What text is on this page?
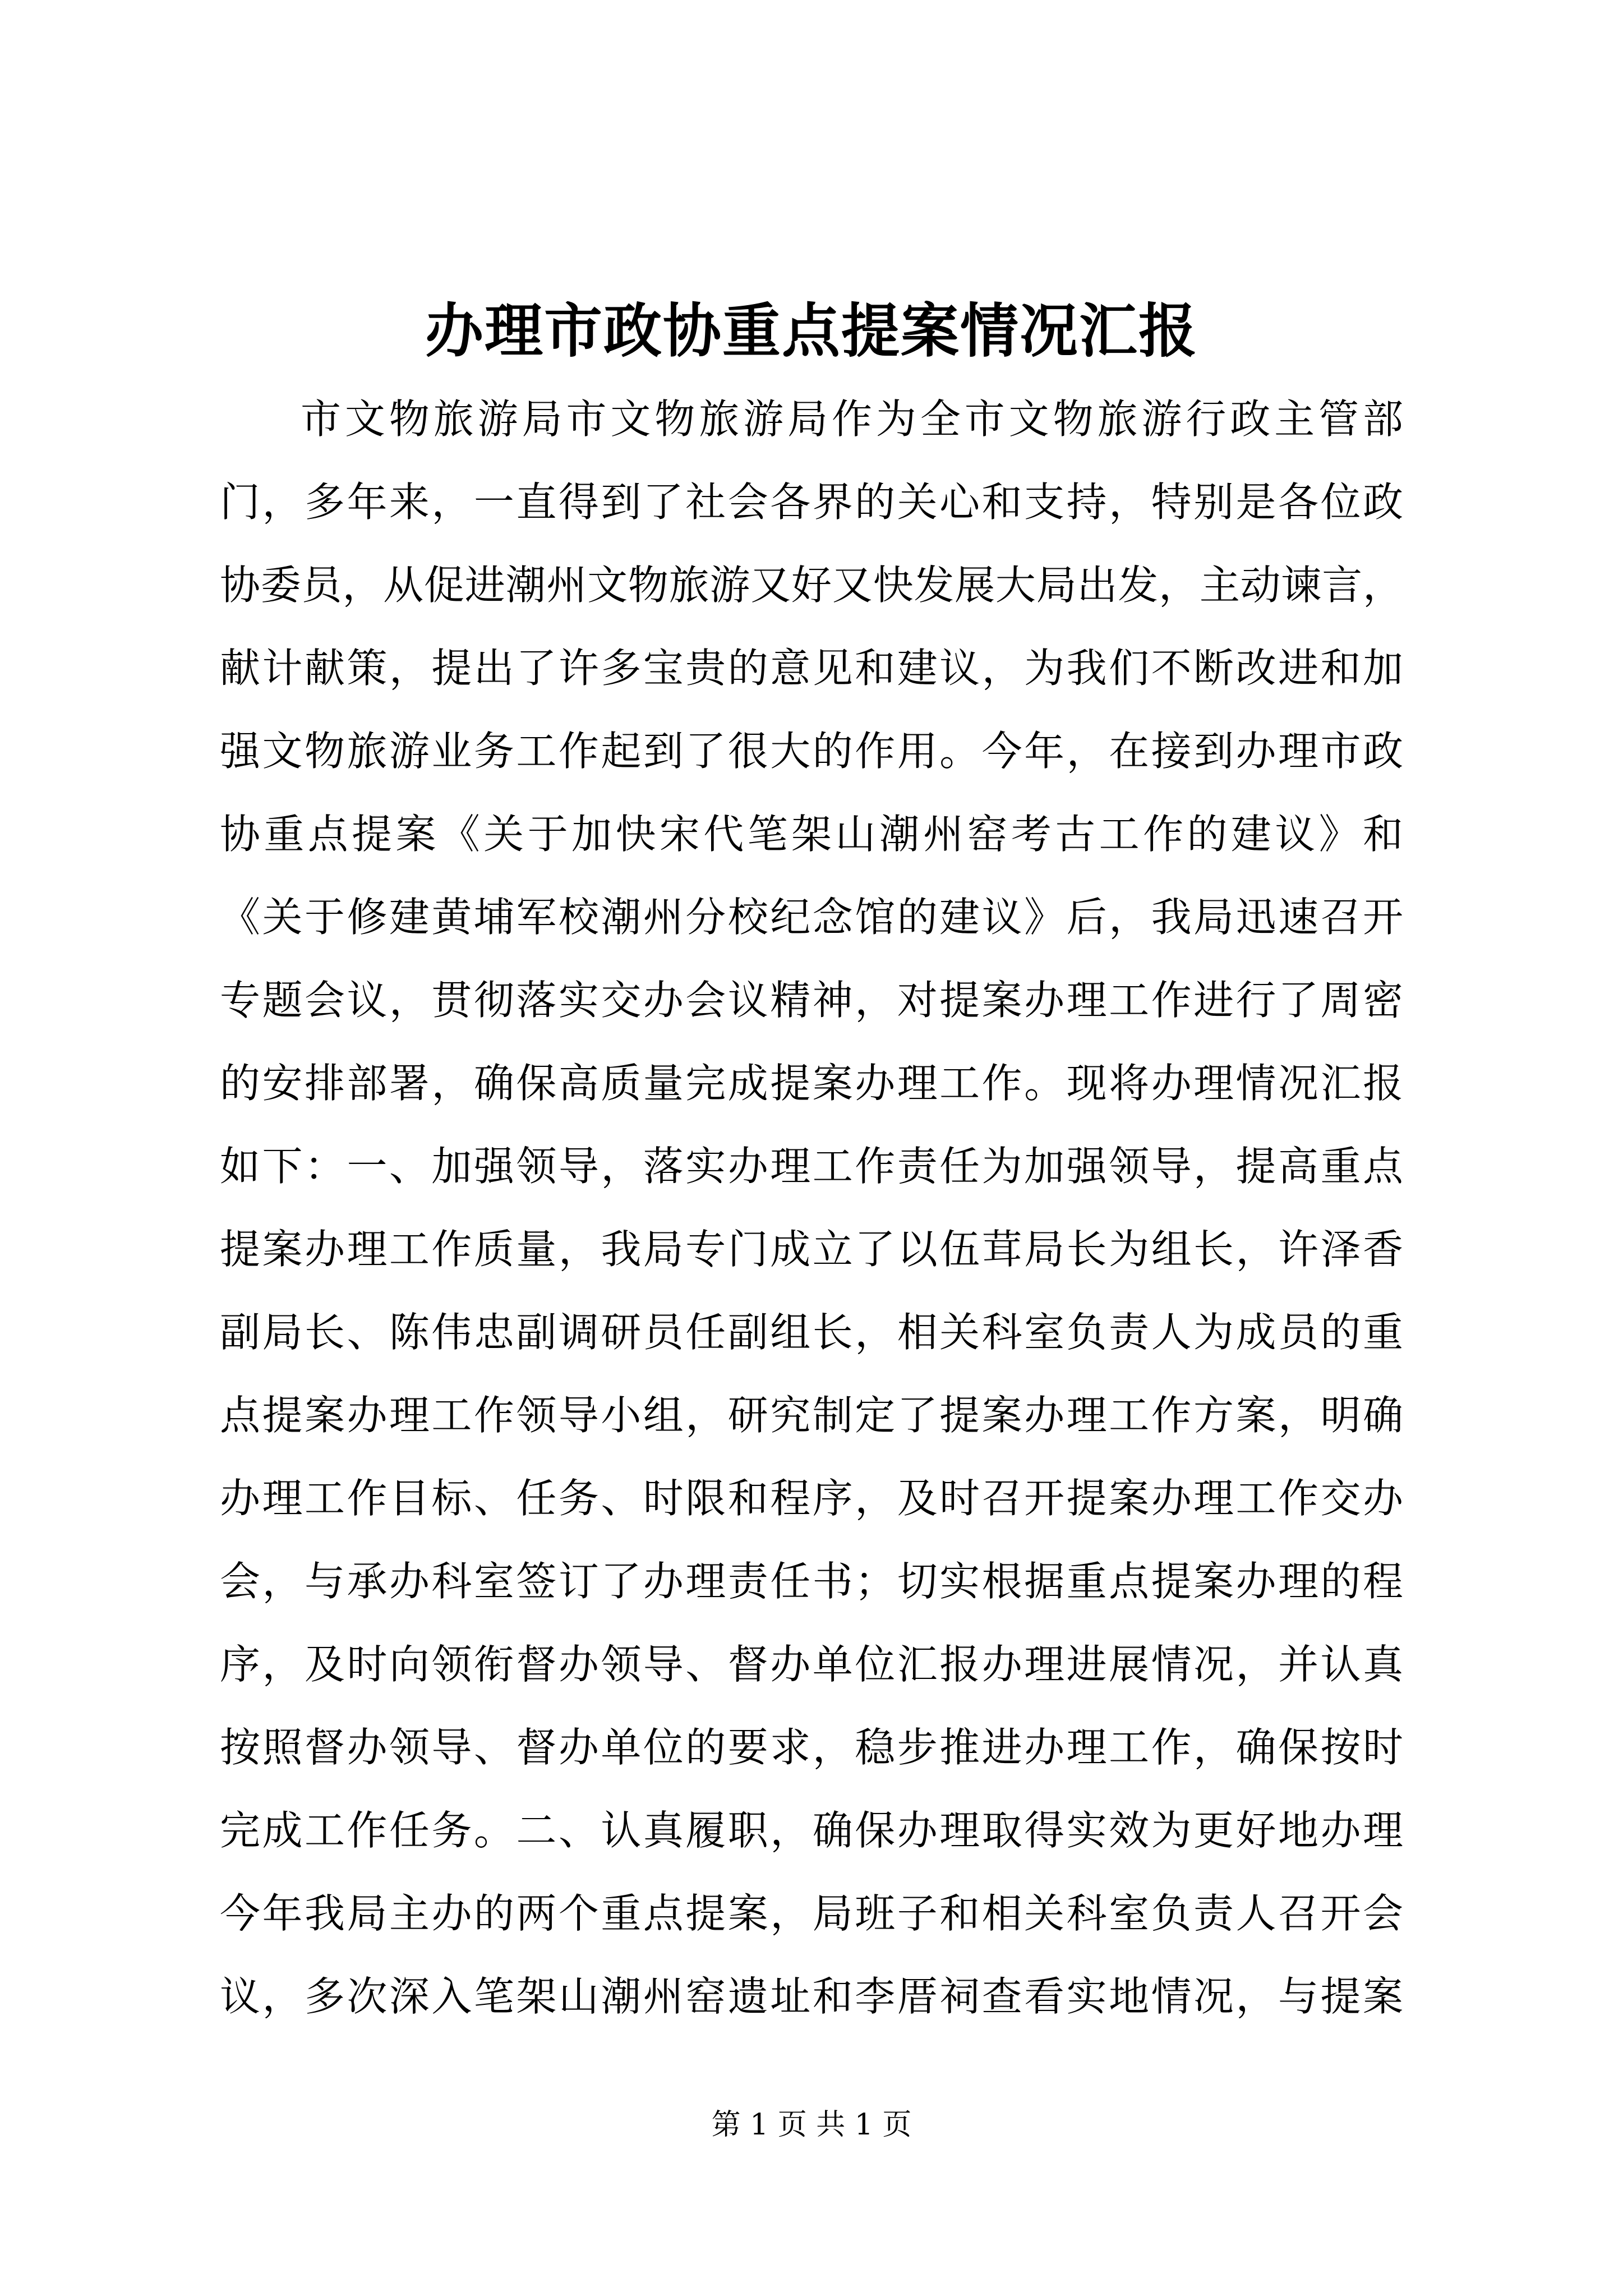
办理市政协重点提案情况汇报
市文物旅游局市文物旅游局作为全市文物旅游行政主管部
门，多年来，一直得到了社会各界的关心和支持，特别是各位政
协委员，从促进潮州文物旅游又好又快发展大局出发，主动谏言，
献计献策，提出了许多宝贵的意见和建议，为我们不断改进和加
强文物旅游业务工作起到了很大的作用。今年，在接到办理市政
协重点提案《关于加快宋代笔架山潮州窑考古工作的建议》和
《关于修建黄埔军校潮州分校纪念馆的建议》后，我局迅速召开
专题会议，贯彻落实交办会议精神，对提案办理工作进行了周密
的安排部署，确保高质量完成提案办理工作。现将办理情况汇报
如下：一、加强领导，落实办理工作责任为加强领导，提高重点
提案办理工作质量，我局专门成立了以伍茸局长为组长，许泽香
副局长、陈伟忠副调研员任副组长，相关科室负责人为成员的重
点提案办理工作领导小组，研究制定了提案办理工作方案，明确
办理工作目标、任务、时限和程序，及时召开提案办理工作交办
会，与承办科室签订了办理责任书；切实根据重点提案办理的程
序，及时向领衔督办领导、督办单位汇报办理进展情况，并认真
按照督办领导、督办单位的要求，稳步推进办理工作，确保按时
完成工作任务。二、认真履职，确保办理取得实效为更好地办理
今年我局主办的两个重点提案，局班子和相关科室负责人召开会
议，多次深入笔架山潮州窑遗址和李厝祠查看实地情况，与提案
第 1 页 共 1 页
